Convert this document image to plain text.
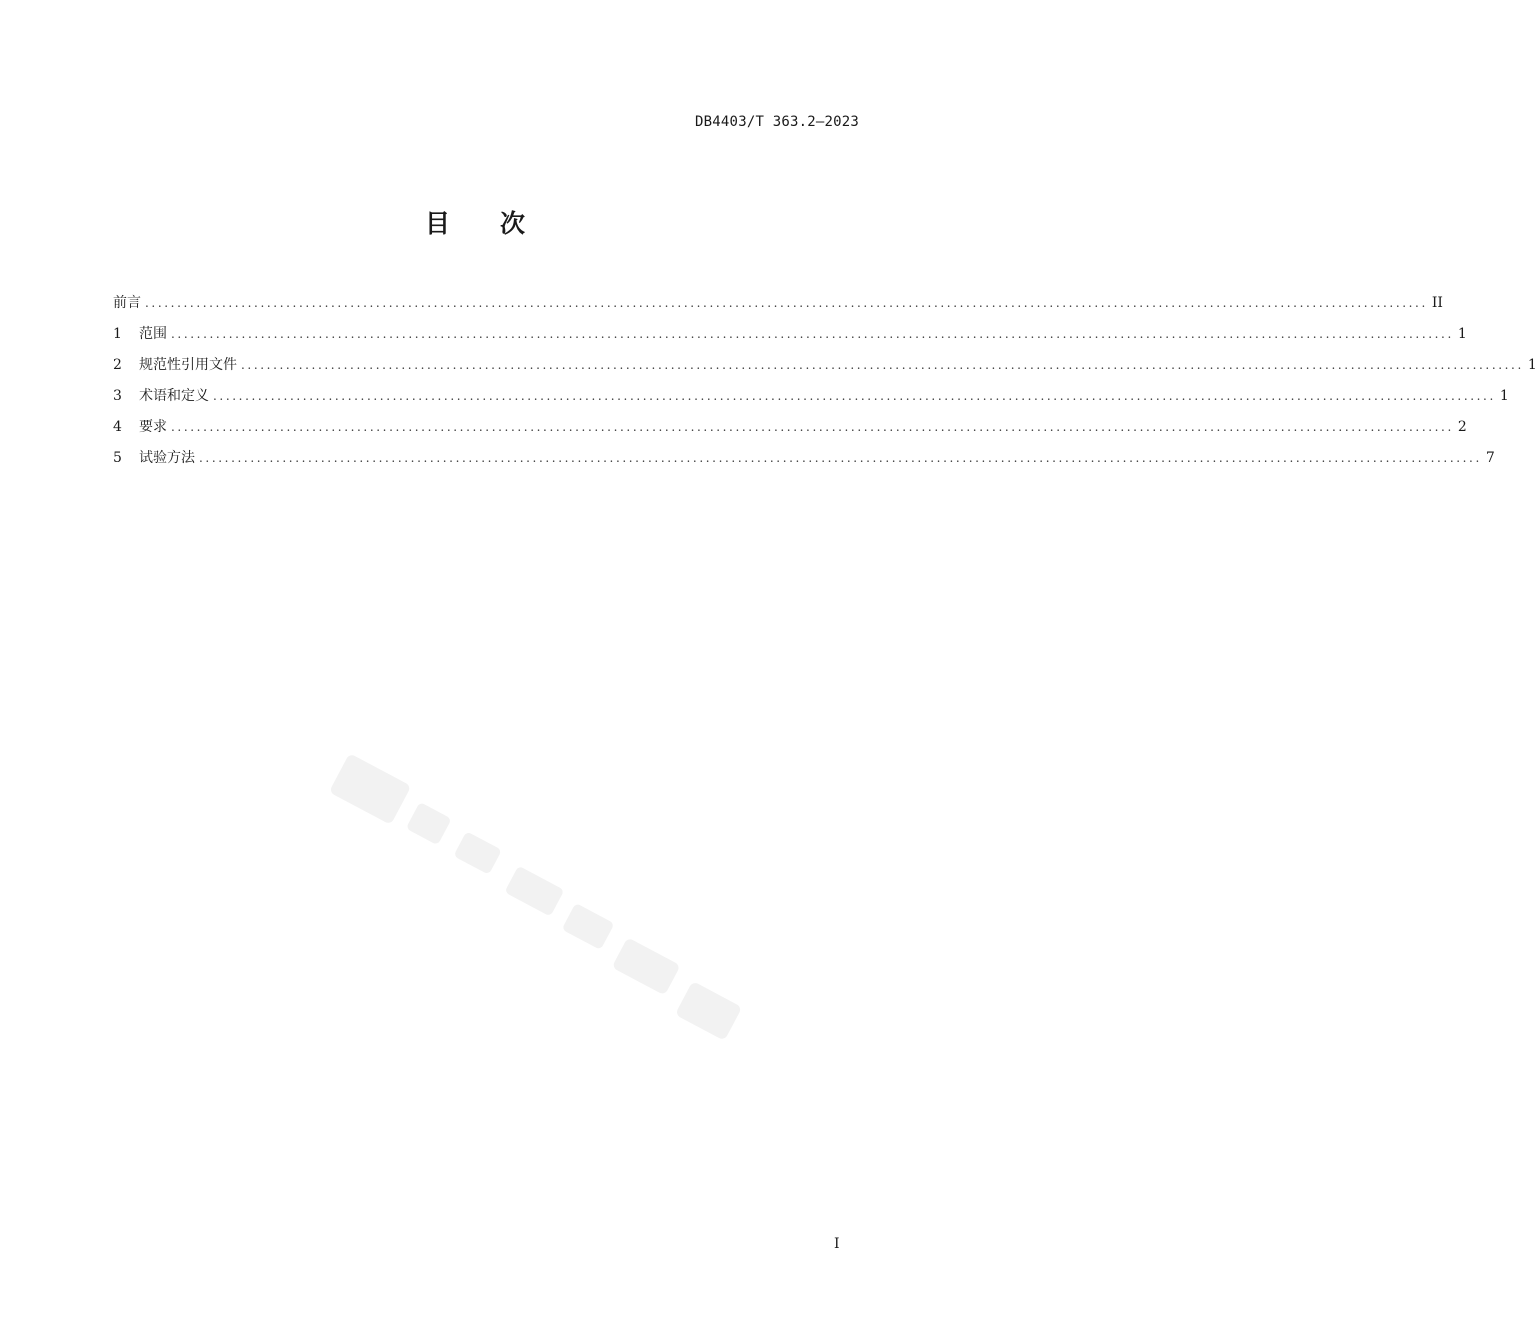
DB4403/T 363.2—2023
目 次
前言 ........................................................................................................................................................................................................ II
1	范围 ........................................................................................................................................................................................................ 1
2	规范性引用文件 ........................................................................................................................................................................................................ 1
3	术语和定义 ........................................................................................................................................................................................................ 1
4	要求 ........................................................................................................................................................................................................ 2
5	试验方法 ........................................................................................................................................................................................................ 7
I
